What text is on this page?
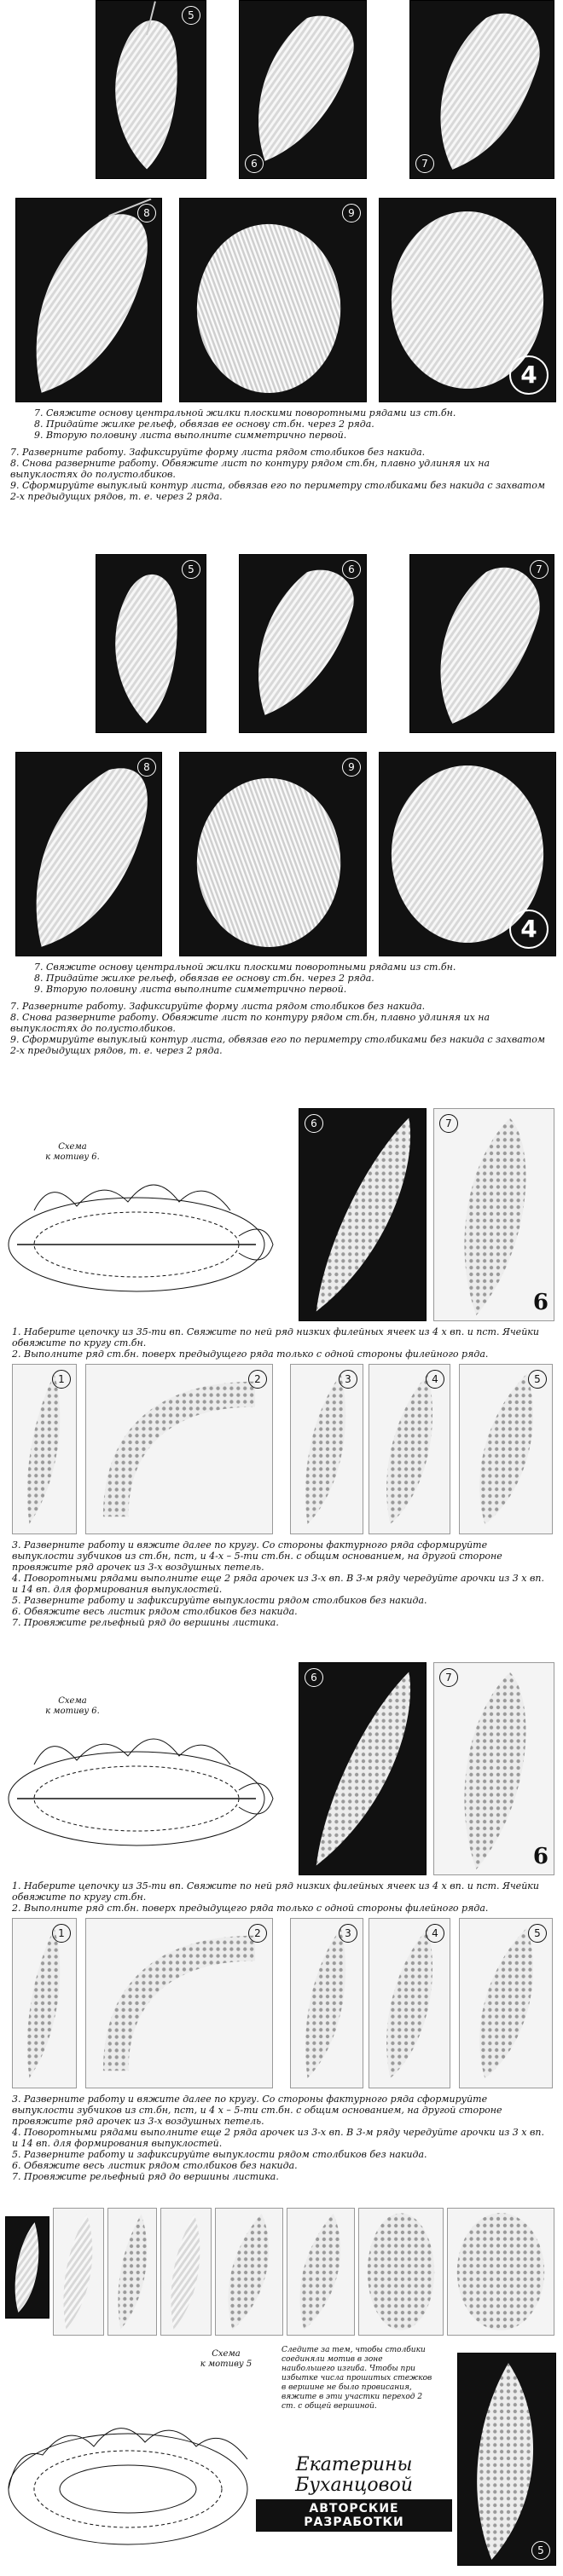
5
6	7
8	9
4

7. Свяжите основу центральной жилки плоскими поворотными рядами из ст.бн.

8. Придайте жилке рельеф, обвязав ее основу ст.бн. через 2 ряда.

9. Вторую половину листа выполните симметрично первой.

7. Разверните работу. Зафиксируйте форму листа рядом столбиков без накида.

8. Снова разверните работу. Обвяжите лист по контуру рядом ст.бн, плавно удлиняя их на выпуклостях до полустолбиков.

9. Сформируйте выпуклый контур листа, обвязав его по периметру столбиками без накида с захватом 2-х предыдущих рядов, т. е. через 2 ряда.

5	6	7
8	9
4

7. Свяжите основу центральной жилки плоскими поворотными рядами из ст.бн.

8. Придайте жилке рельеф, обвязав ее основу ст.бн. через 2 ряда.

9. Вторую половину листа выполните симметрично первой.

7. Разверните работу. Зафиксируйте форму листа рядом столбиков без накида.

8. Снова разверните работу. Обвяжите лист по контуру рядом ст.бн, плавно удлиняя их на выпуклостях до полустолбиков.

9. Сформируйте выпуклый контур листа, обвязав его по периметру столбиками без накида с захватом 2-х предыдущих рядов, т. е. через 2 ряда.

Схема
к мотиву 6.
6	7
6

1. Наберите цепочку из 35-ти вп. Свяжите по ней ряд низких филейных ячеек из 4 х вп. и пст. Ячейки обвяжите по кругу ст.бн.

2. Выполните ряд ст.бн. поверх предыдущего ряда только с одной стороны филейного ряда.

1	2	3	4	5

3. Разверните работу и вяжите далее по кругу. Со стороны фактурного ряда сформируйте выпуклости зубчиков из ст.бн, пст, и 4-х – 5-ти ст.бн. с общим основанием, на другой стороне провяжите ряд арочек из 3-х воздушных петель.

4. Поворотными рядами выполните еще 2 ряда арочек из 3-х вп. В 3-м ряду чередуйте арочки из 3 х вп. и 14 вп. для формирования выпуклостей.

5. Разверните работу и зафиксируйте выпуклости рядом столбиков без накида.

6. Обвяжите весь листик рядом столбиков без накида.

7. Провяжите рельефный ряд до вершины листика.

Схема
к мотиву 6.
6	7
6

1. Наберите цепочку из 35-ти вп. Свяжите по ней ряд низких филейных ячеек из 4 х вп. и пст. Ячейки обвяжите по кругу ст.бн.

2. Выполните ряд ст.бн. поверх предыдущего ряда только с одной стороны филейного ряда.

1	2	3	4	5

3. Разверните работу и вяжите далее по кругу. Со стороны фактурного ряда сформируйте выпуклости зубчиков из ст.бн, пст, и 4 х – 5-ти ст.бн. с общим основанием, на другой стороне провяжите ряд арочек из 3-х воздушных петель.

4. Поворотными рядами выполните еще 2 ряда арочек из 3-х вп. В 3-м ряду чередуйте арочки из 3 х вп. и 14 вп. для формирования выпуклостей.

5. Разверните работу и зафиксируйте выпуклости рядом столбиков без накида.

6. Обвяжите весь листик рядом столбиков без накида.

7. Провяжите рельефный ряд до вершины листика.

Схема
к мотиву 5
Следите за тем, чтобы столбики соединяли мотив в зоне наибольшего изгиба. Чтобы при избытке числа прошитых стежков в вершине не было провисания, вяжите в эти участки переход 2 ст. с общей вершиной.
Екатерины Буханцовой
АВТОРСКИЕ РАЗРАБОТКИ
5
